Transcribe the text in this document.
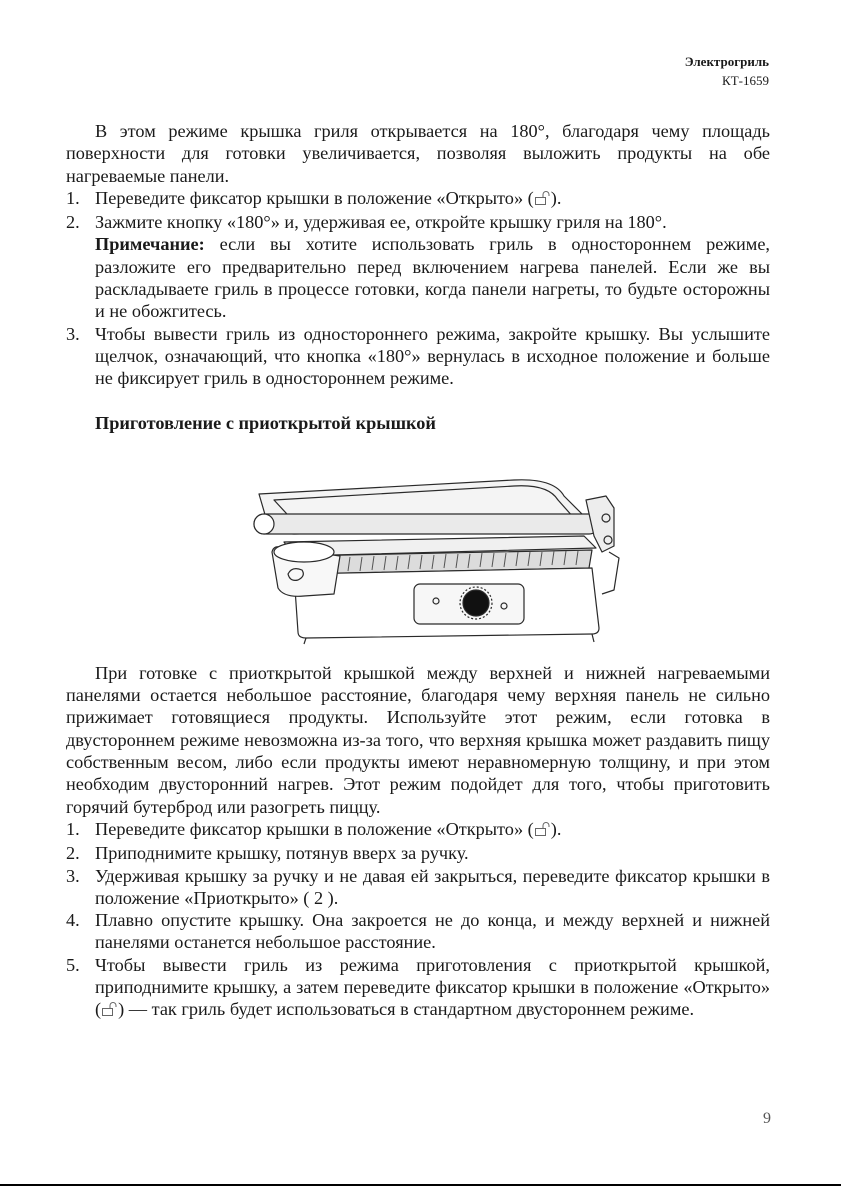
Электрогриль
КТ-1659

В этом режиме крышка гриля открывается на 180°, благодаря чему площадь поверхности для готовки увеличивается, позволяя выложить продукты на обе нагреваемые панели.

1. Переведите фиксатор крышки в положение «Открыто» ( ).
2. Зажмите кнопку «180°» и, удерживая ее, откройте крышку гриля на 180°.
Примечание: если вы хотите использовать гриль в одностороннем режиме, разложите его предварительно перед включением нагрева панелей. Если же вы раскладываете гриль в процессе готовки, когда панели нагреты, то будьте осторожны и не обожгитесь.
3. Чтобы вывести гриль из одностороннего режима, закройте крышку. Вы услышите щелчок, означающий, что кнопка «180°» вернулась в исходное положение и больше не фиксирует гриль в одностороннем режиме.
Приготовление с приоткрытой крышкой

При готовке с приоткрытой крышкой между верхней и нижней нагреваемыми панелями остается небольшое расстояние, благодаря чему верхняя панель не сильно прижимает готовящиеся продукты. Используйте этот режим, если готовка в двустороннем режиме невозможна из-за того, что верхняя крышка может раздавить пищу собственным весом, либо если продукты имеют неравномерную толщину, и при этом необходим двусторонний нагрев. Этот режим подойдет для того, чтобы приготовить горячий бутерброд или разогреть пиццу.

1. Переведите фиксатор крышки в положение «Открыто» ( ).
2. Приподнимите крышку, потянув вверх за ручку.
3. Удерживая крышку за ручку и не давая ей закрыться, переведите фиксатор крышки в положение «Приоткрыто» ( 2 ).
4. Плавно опустите крышку. Она закроется не до конца, и между верхней и нижней панелями останется небольшое расстояние.
5. Чтобы вывести гриль из режима приготовления с приоткрытой крышкой, приподнимите крышку, а затем переведите фиксатор крышки в положение «Открыто» ( ) — так гриль будет использоваться в стандартном двустороннем режиме.
9
